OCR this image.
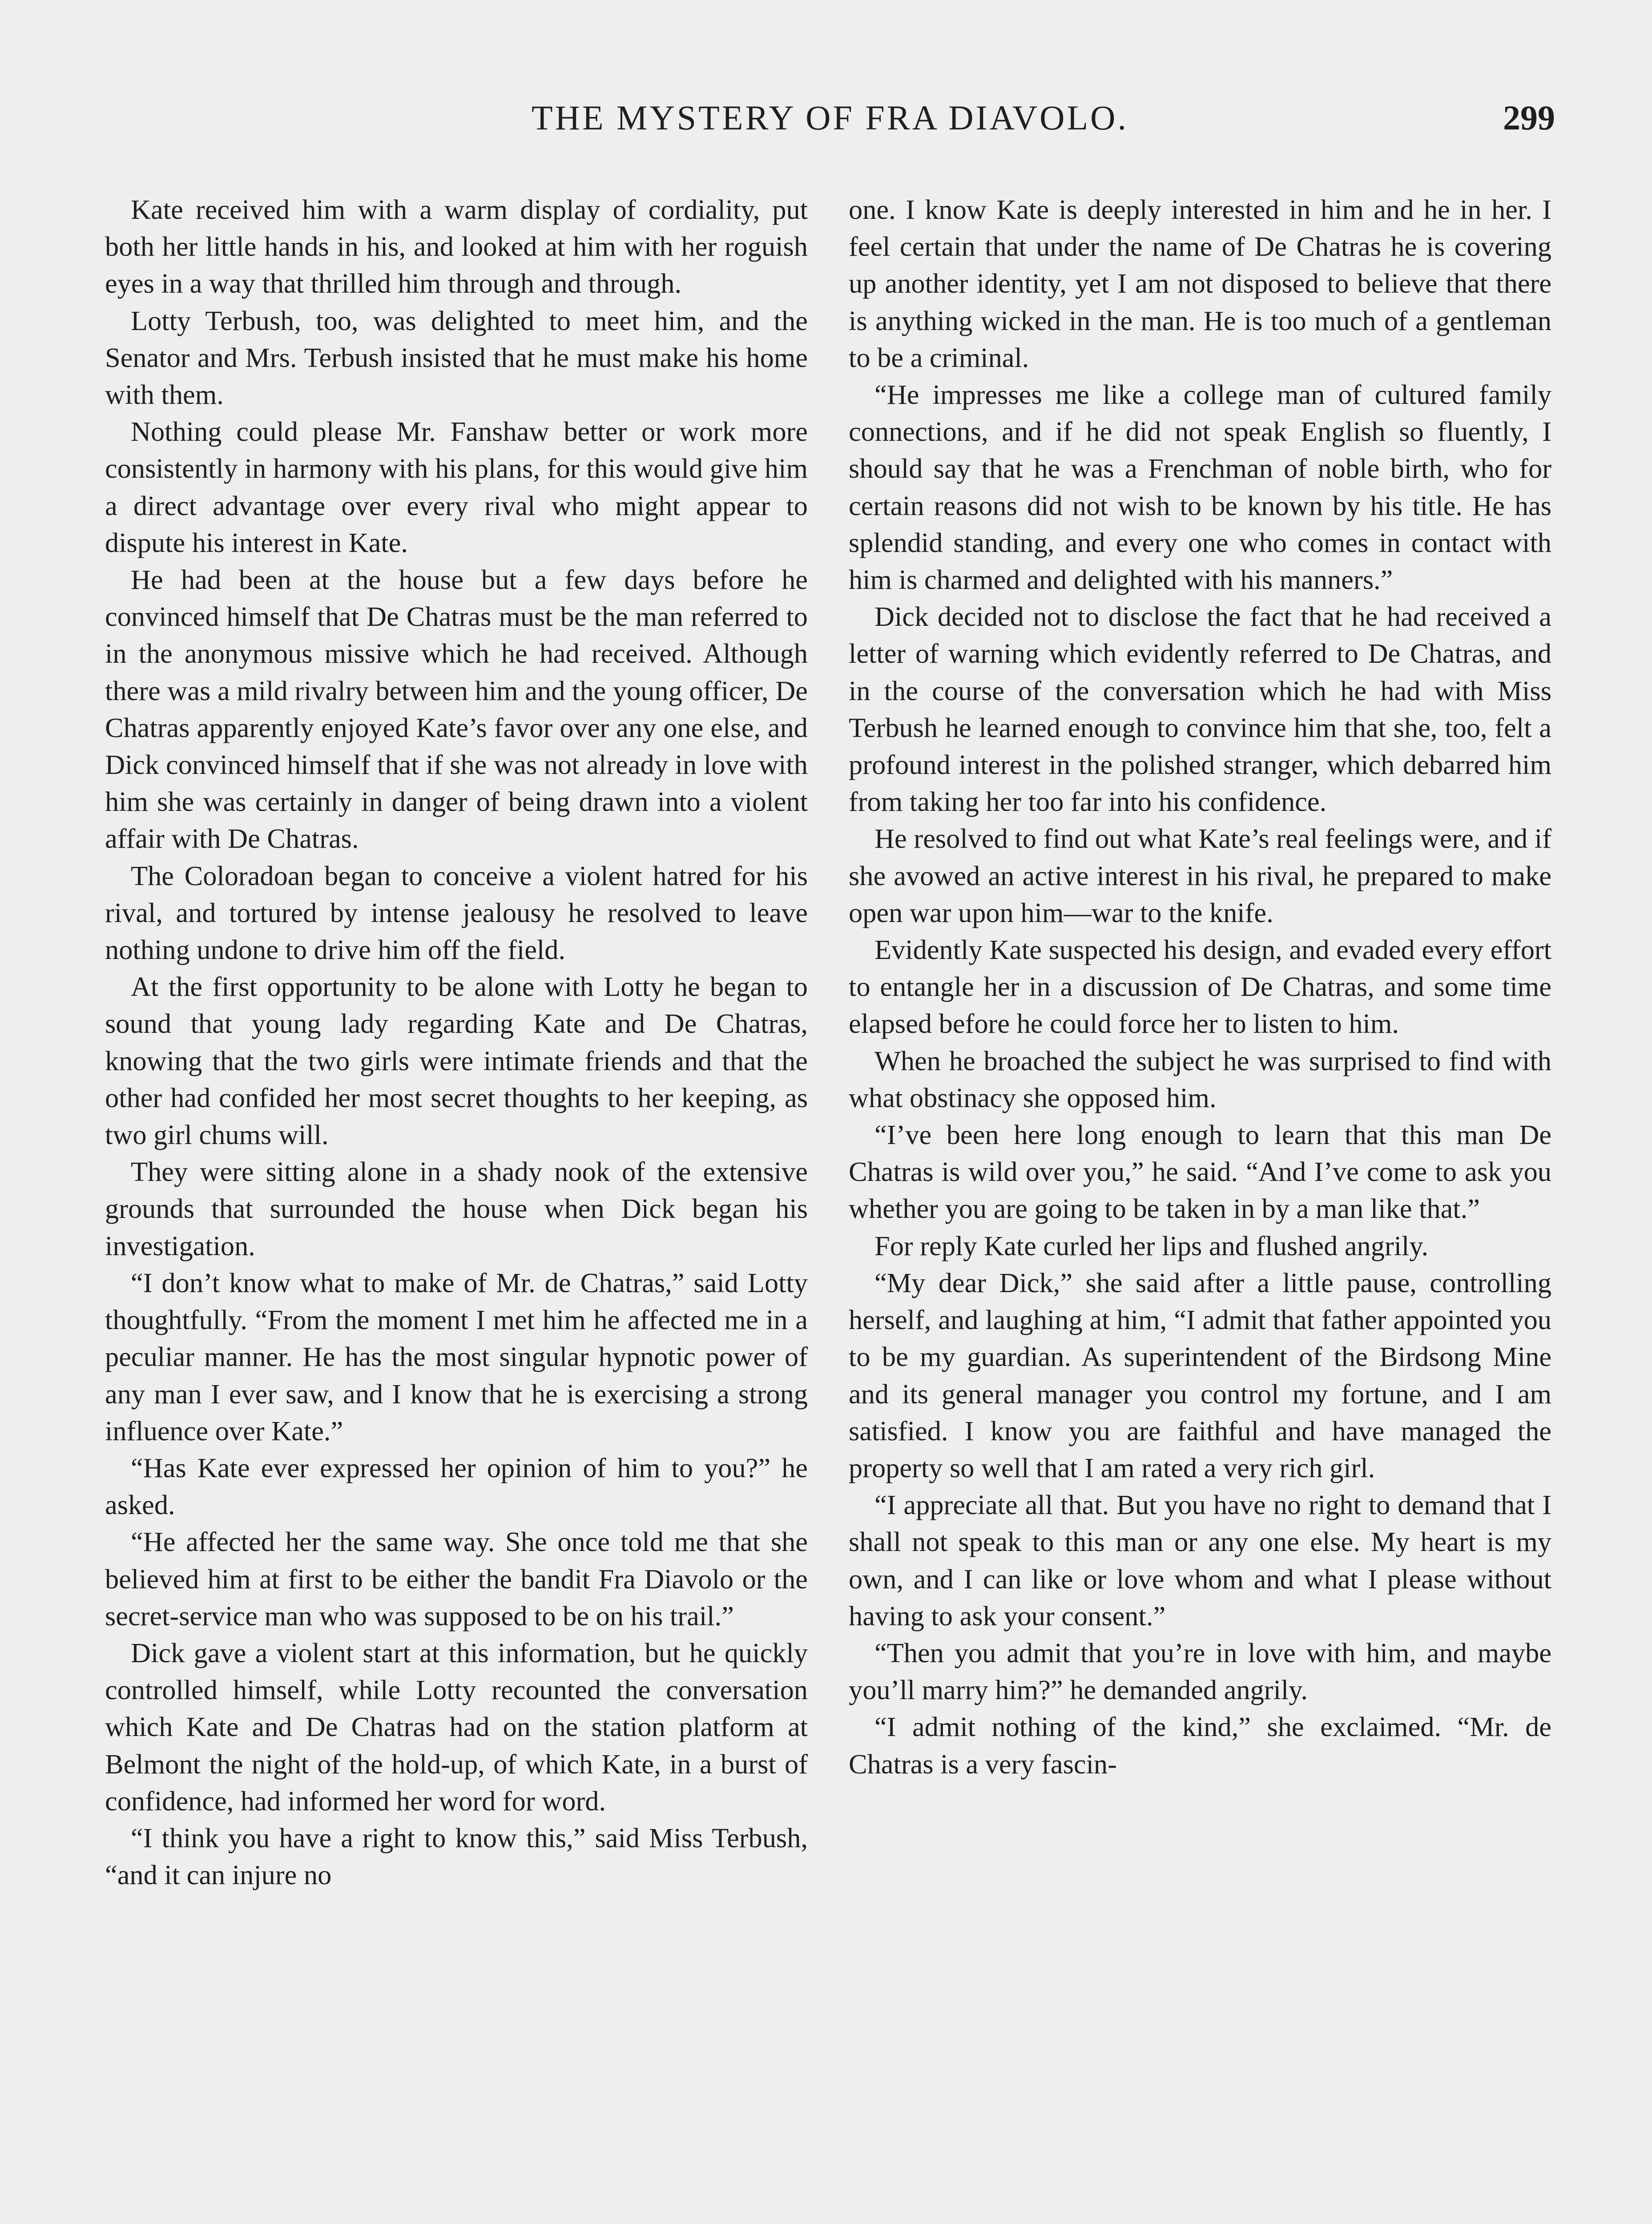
THE MYSTERY OF FRA DIAVOLO.	299

Kate received him with a warm display of cordiality, put both her little hands in his, and looked at him with her roguish eyes in a way that thrilled him through and through.

Lotty Terbush, too, was delighted to meet him, and the Senator and Mrs. Terbush insisted that he must make his home with them.

Nothing could please Mr. Fanshaw better or work more consistently in harmony with his plans, for this would give him a direct advantage over every rival who might appear to dispute his interest in Kate.

He had been at the house but a few days before he convinced himself that De Chatras must be the man referred to in the anonymous missive which he had received. Although there was a mild rivalry between him and the young officer, De Chatras apparently enjoyed Kate’s favor over any one else, and Dick convinced himself that if she was not already in love with him she was certainly in danger of being drawn into a violent affair with De Chatras.

The Coloradoan began to conceive a violent hatred for his rival, and tortured by intense jealousy he resolved to leave nothing undone to drive him off the field.

At the first opportunity to be alone with Lotty he began to sound that young lady regarding Kate and De Chatras, knowing that the two girls were intimate friends and that the other had confided her most secret thoughts to her keeping, as two girl chums will.

They were sitting alone in a shady nook of the extensive grounds that surrounded the house when Dick began his investigation.

“I don’t know what to make of Mr. de Chatras,” said Lotty thoughtfully. “From the moment I met him he affected me in a peculiar manner. He has the most singular hypnotic power of any man I ever saw, and I know that he is exercising a strong influence over Kate.”

“Has Kate ever expressed her opinion of him to you?” he asked.

“He affected her the same way. She once told me that she believed him at first to be either the bandit Fra Diavolo or the secret-service man who was supposed to be on his trail.”

Dick gave a violent start at this information, but he quickly controlled himself, while Lotty recounted the conversation which Kate and De Chatras had on the station platform at Belmont the night of the hold-up, of which Kate, in a burst of confidence, had informed her word for word.

“I think you have a right to know this,” said Miss Terbush, “and it can injure no

one. I know Kate is deeply interested in him and he in her. I feel certain that under the name of De Chatras he is covering up another identity, yet I am not disposed to believe that there is anything wicked in the man. He is too much of a gentleman to be a criminal.

“He impresses me like a college man of cultured family connections, and if he did not speak English so fluently, I should say that he was a Frenchman of noble birth, who for certain reasons did not wish to be known by his title. He has splendid standing, and every one who comes in contact with him is charmed and delighted with his manners.”

Dick decided not to disclose the fact that he had received a letter of warning which evidently referred to De Chatras, and in the course of the conversation which he had with Miss Terbush he learned enough to convince him that she, too, felt a profound interest in the polished stranger, which debarred him from taking her too far into his confidence.

He resolved to find out what Kate’s real feelings were, and if she avowed an active interest in his rival, he prepared to make open war upon him—war to the knife.

Evidently Kate suspected his design, and evaded every effort to entangle her in a discussion of De Chatras, and some time elapsed before he could force her to listen to him.

When he broached the subject he was surprised to find with what obstinacy she opposed him.

“I’ve been here long enough to learn that this man De Chatras is wild over you,” he said. “And I’ve come to ask you whether you are going to be taken in by a man like that.”

For reply Kate curled her lips and flushed angrily.

“My dear Dick,” she said after a little pause, controlling herself, and laughing at him, “I admit that father appointed you to be my guardian. As superintendent of the Birdsong Mine and its general manager you control my fortune, and I am satisfied. I know you are faithful and have managed the property so well that I am rated a very rich girl.

“I appreciate all that. But you have no right to demand that I shall not speak to this man or any one else. My heart is my own, and I can like or love whom and what I please without having to ask your consent.”

“Then you admit that you’re in love with him, and maybe you’ll marry him?” he demanded angrily.

“I admit nothing of the kind,” she exclaimed. “Mr. de Chatras is a very fascin-
